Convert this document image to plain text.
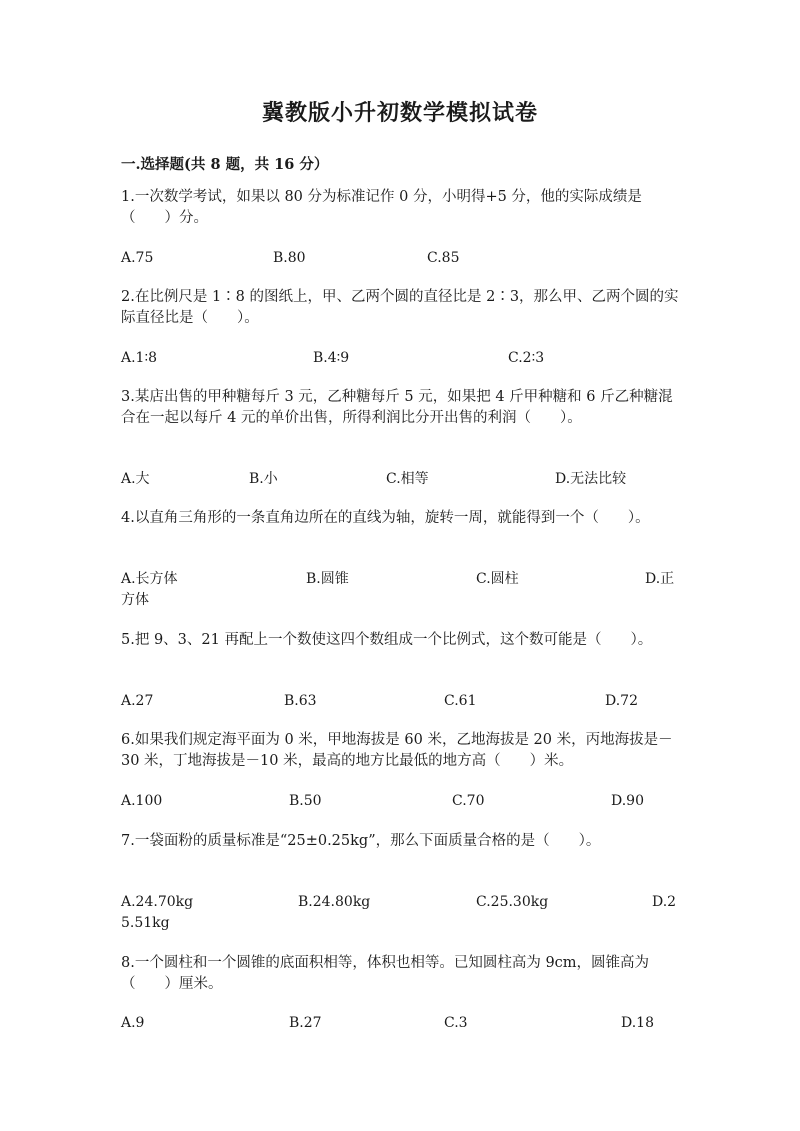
冀教版小升初数学模拟试卷
一.选择题(共 8 题，共 16 分）

1.一次数学考试，如果以 80 分为标准记作 0 分，小明得+5 分，他的实际成绩是（　　）分。

A.75	B.80	C.85

2.在比例尺是 1∶8 的图纸上，甲、乙两个圆的直径比是 2∶3，那么甲、乙两个圆的实际直径比是（　　）。

A.1∶8	B.4∶9	C.2∶3

3.某店出售的甲种糖每斤 3 元，乙种糖每斤 5 元，如果把 4 斤甲种糖和 6 斤乙种糖混合在一起以每斤 4 元的单价出售，所得利润比分开出售的利润（　　）。

A.大	B.小	C.相等	D.无法比较

4.以直角三角形的一条直角边所在的直线为轴，旋转一周，就能得到一个（　　）。

A.长方体	B.圆锥	C.圆柱	D.正
方体

5.把 9、3、21 再配上一个数使这四个数组成一个比例式，这个数可能是（　　）。

A.27	B.63	C.61	D.72

6.如果我们规定海平面为 0 米，甲地海拔是 60 米，乙地海拔是 20 米，丙地海拔是－30 米，丁地海拔是－10 米，最高的地方比最低的地方高（　　）米。

A.100	B.50	C.70	D.90

7.一袋面粉的质量标准是“25±0.25kg”，那么下面质量合格的是（　　）。

A.24.70kg	B.24.80kg	C.25.30kg	D.2
5.51kg

8.一个圆柱和一个圆锥的底面积相等，体积也相等。已知圆柱高为 9cm，圆锥高为（　　）厘米。

A.9	B.27	C.3	D.18
